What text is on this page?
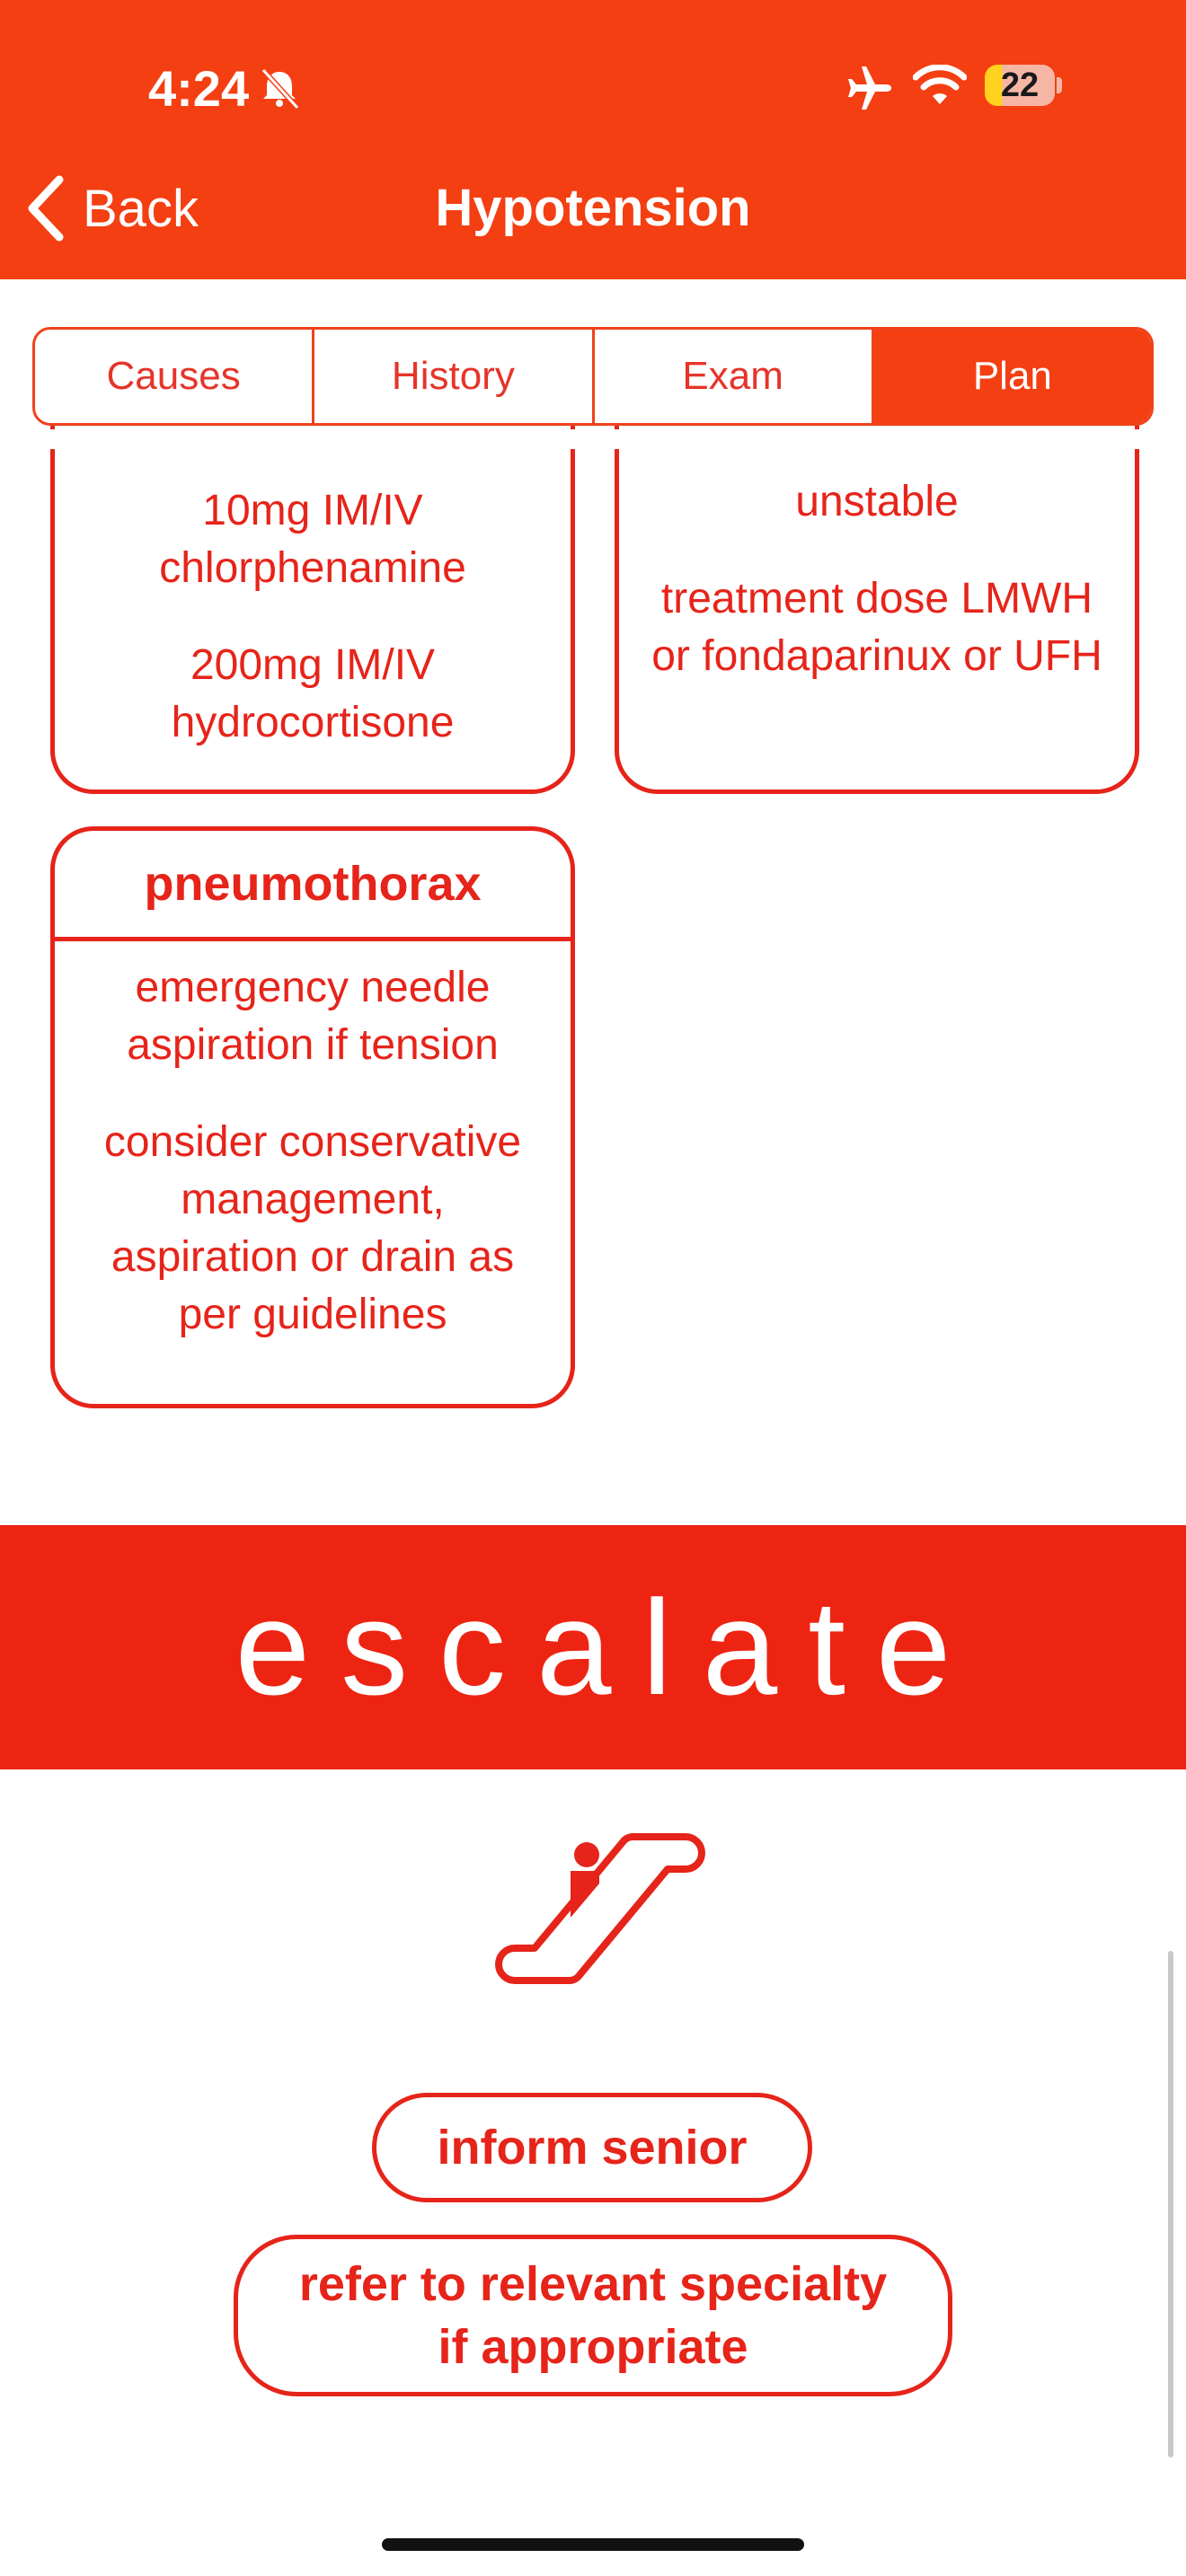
4:24	22
Back	Hypotension

10mg IM/IV chlorphenamine

200mg IM/IV hydrocortisone

unstable

treatment dose LMWH or fondaparinux or UFH

Causes	History	Exam	Plan
pneumothorax

emergency needle aspiration if tension

consider conservative management, aspiration or drain as per guidelines

escalate
inform senior
refer to relevant specialty if appropriate
